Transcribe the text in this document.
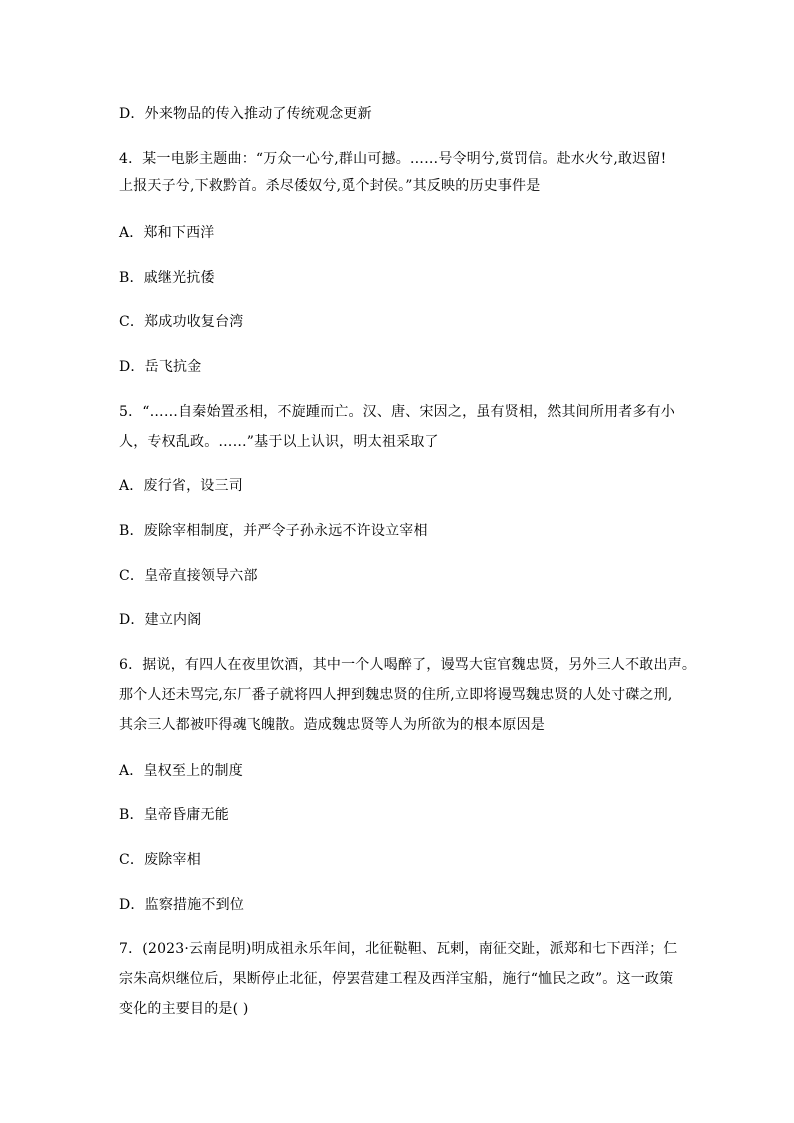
D．外来物品的传入推动了传统观念更新
4．某一电影主题曲：“万众一心兮,群山可撼。……号令明兮,赏罚信。赴水火兮,敢迟留!
上报天子兮,下救黔首。杀尽倭奴兮,觅个封侯。”其反映的历史事件是
A．郑和下西洋
B．戚继光抗倭
C．郑成功收复台湾
D．岳飞抗金
5．“……自秦始置丞相，不旋踵而亡。汉、唐、宋因之，虽有贤相，然其间所用者多有小
人，专权乱政。……”基于以上认识，明太祖采取了
A．废行省，设三司
B．废除宰相制度，并严令子孙永远不许设立宰相
C．皇帝直接领导六部
D．建立内阁
6．据说，有四人在夜里饮酒，其中一个人喝醉了，谩骂大宦官魏忠贤，另外三人不敢出声。
那个人还未骂完,东厂番子就将四人押到魏忠贤的住所,立即将谩骂魏忠贤的人处寸磔之刑,
其余三人都被吓得魂飞魄散。造成魏忠贤等人为所欲为的根本原因是
A．皇权至上的制度
B．皇帝昏庸无能
C．废除宰相
D．监察措施不到位
7．(2023·云南昆明)明成祖永乐年间，北征鞑靼、瓦剌，南征交趾，派郑和七下西洋；仁
宗朱高炽继位后，果断停止北征，停罢营建工程及西洋宝船，施行“恤民之政”。这一政策
变化的主要目的是( )
